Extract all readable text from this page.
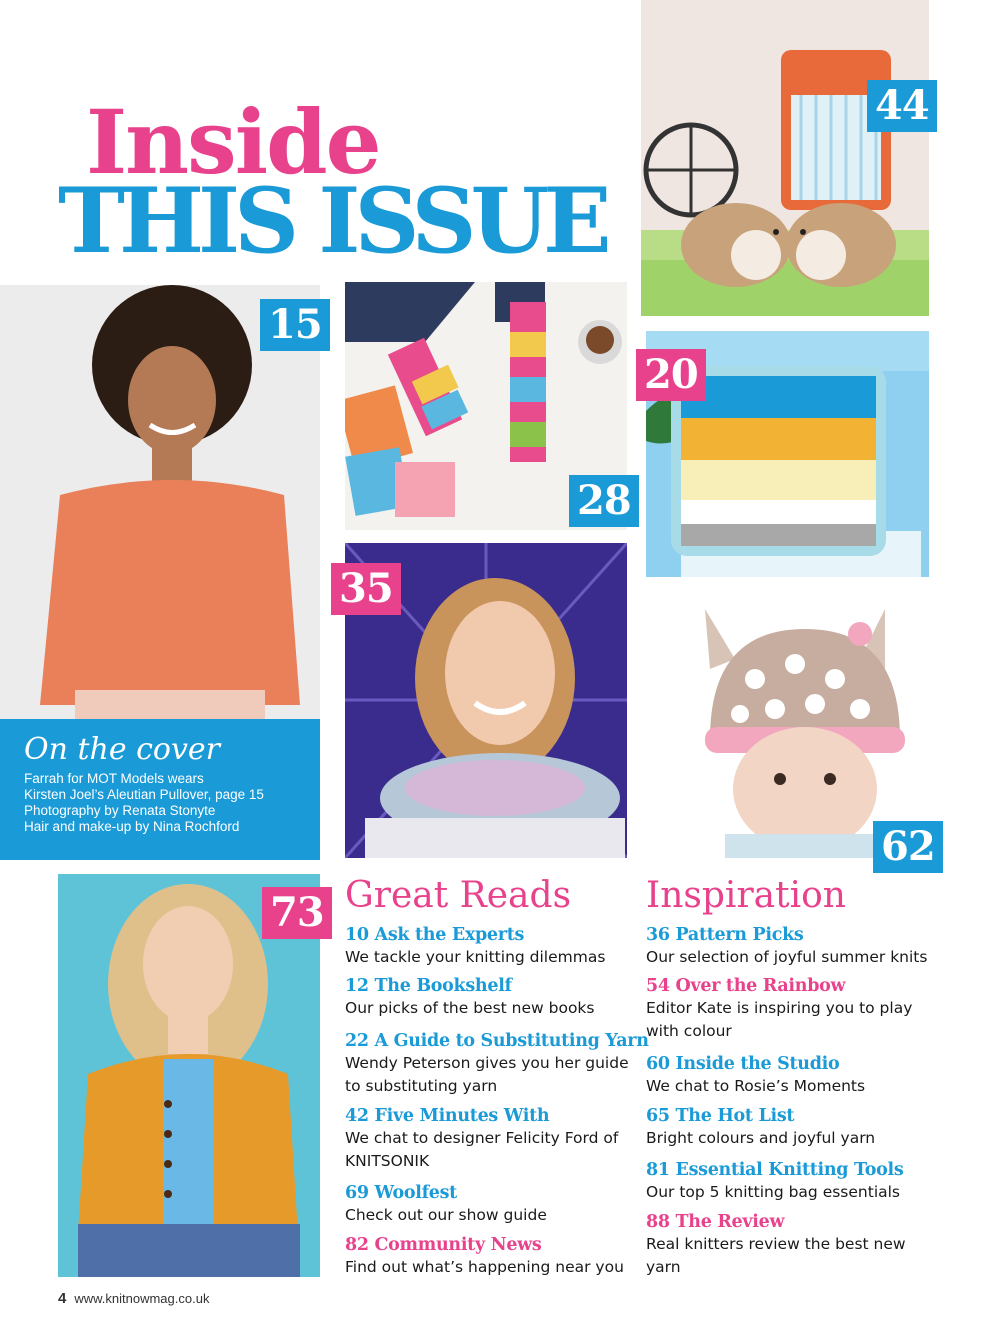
Inside
THIS ISSUE
44
15
On the cover
Farrah for MOT Models wears
Kirsten Joel’s Aleutian Pullover, page 15
Photography by Renata Stonyte
Hair and make-up by Nina Rochford
28
20
35
62
73 Great Reads
10 Ask the Experts
We tackle your knitting dilemmas
12 The Bookshelf
Our picks of the best new books
22 A Guide to Substituting Yarn
Wendy Peterson gives you her guide to substituting yarn
42 Five Minutes With
We chat to designer Felicity Ford of KNITSONIK
69 Woolfest
Check out our show guide
82 Community News
Find out what’s happening near you
Inspiration
36 Pattern Picks
Our selection of joyful summer knits
54 Over the Rainbow
Editor Kate is inspiring you to play with colour
60 Inside the Studio
We chat to Rosie’s Moments
65 The Hot List
Bright colours and joyful yarn
81 Essential Knitting Tools
Our top 5 knitting bag essentials
88 The Review
Real knitters review the best new yarn
4 www.knitnowmag.co.uk
